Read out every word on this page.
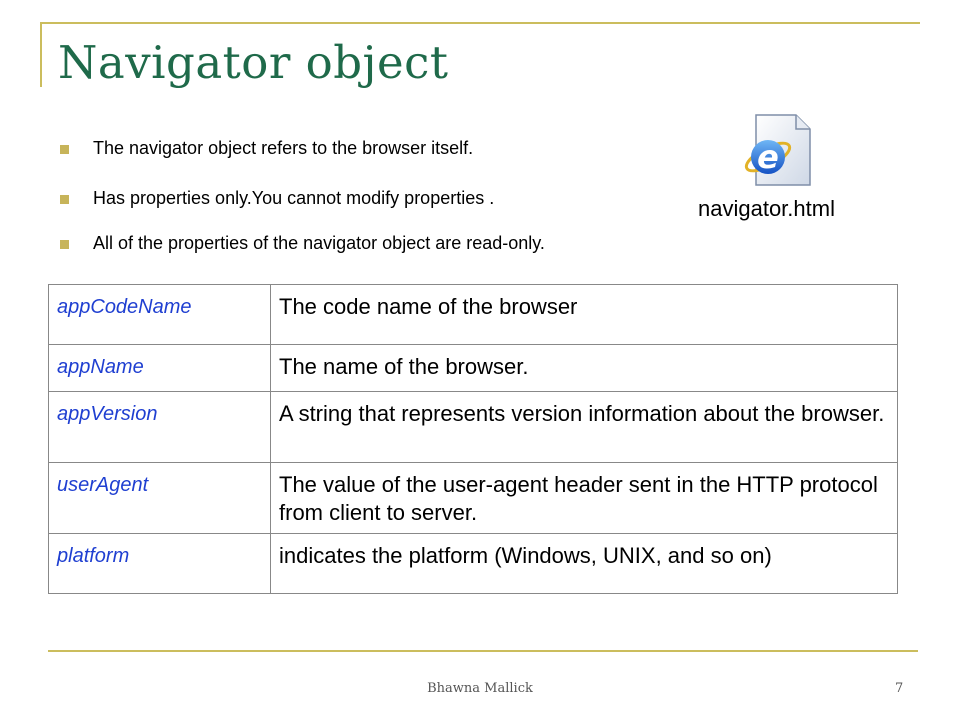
Navigator object
The navigator object refers to the browser itself.
Has properties only.You cannot modify properties .
All of the properties of the navigator object are read-only.
e
navigator.html
appCodeName	The code name of the browser
appName	The name of the browser.
appVersion	A string that represents version information about the browser.
userAgent	The value of the user-agent header sent in the HTTP protocol from client to server.
platform	indicates the platform (Windows, UNIX, and so on)
Bhawna Mallick	7
